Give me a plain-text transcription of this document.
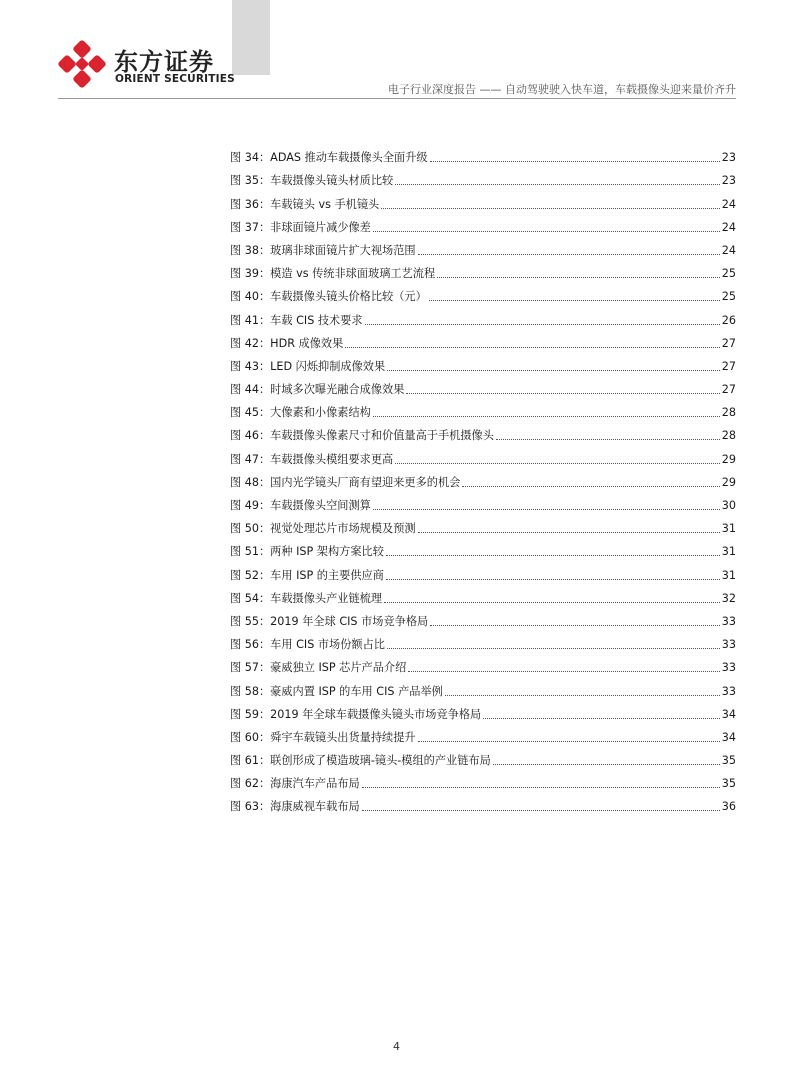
东方证券
ORIENT SECURITIES
电子行业深度报告 —— 自动驾驶驶入快车道，车载摄像头迎来量价齐升
图 34：ADAS 推动车载摄像头全面升级	23
图 35：车载摄像头镜头材质比较	23
图 36：车载镜头 vs 手机镜头	24
图 37：非球面镜片减少像差	24
图 38：玻璃非球面镜片扩大视场范围	24
图 39：模造 vs 传统非球面玻璃工艺流程	25
图 40：车载摄像头镜头价格比较（元）	25
图 41：车载 CIS 技术要求	26
图 42：HDR 成像效果	27
图 43：LED 闪烁抑制成像效果	27
图 44：时域多次曝光融合成像效果	27
图 45：大像素和小像素结构	28
图 46：车载摄像头像素尺寸和价值量高于手机摄像头	28
图 47：车载摄像头模组要求更高	29
图 48：国内光学镜头厂商有望迎来更多的机会	29
图 49：车载摄像头空间测算	30
图 50：视觉处理芯片市场规模及预测	31
图 51：两种 ISP 架构方案比较	31
图 52：车用 ISP 的主要供应商	31
图 54：车载摄像头产业链梳理	32
图 55：2019 年全球 CIS 市场竞争格局	33
图 56：车用 CIS 市场份额占比	33
图 57：豪威独立 ISP 芯片产品介绍	33
图 58：豪威内置 ISP 的车用 CIS 产品举例	33
图 59：2019 年全球车载摄像头镜头市场竞争格局	34
图 60：舜宇车载镜头出货量持续提升	34
图 61：联创形成了模造玻璃-镜头-模组的产业链布局	35
图 62：海康汽车产品布局	35
图 63：海康威视车载布局	36
4
